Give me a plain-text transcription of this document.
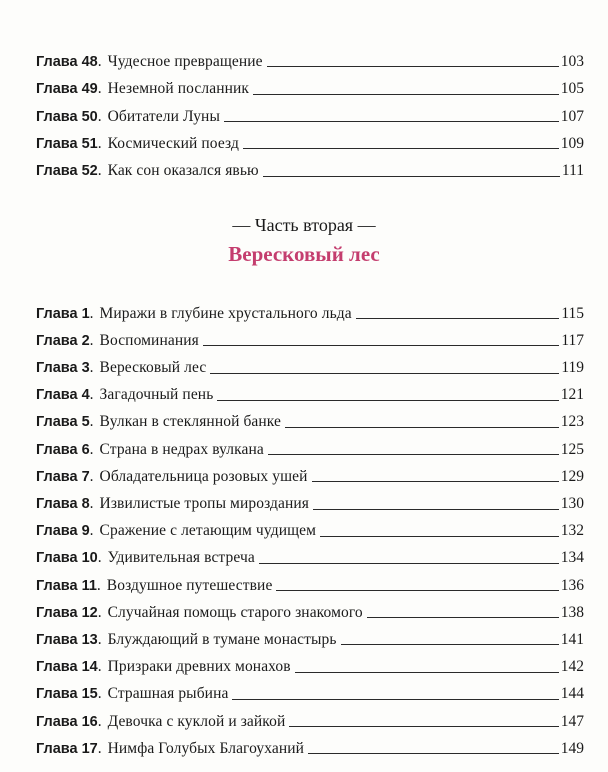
Глава 48 . Чудесное превращение	103
Глава 49 . Неземной посланник	105
Глава 50 . Обитатели Луны	107
Глава 51 . Космический поезд	109
Глава 52 . Как сон оказался явью	111
— Часть вторая —
Вересковый лес
Глава 1 . Миражи в глубине хрустального льда	115
Глава 2 . Воспоминания	117
Глава 3 . Вересковый лес	119
Глава 4 . Загадочный пень	121
Глава 5 . Вулкан в стеклянной банке	123
Глава 6 . Страна в недрах вулкана	125
Глава 7 . Обладательница розовых ушей	129
Глава 8 . Извилистые тропы мироздания	130
Глава 9 . Сражение с летающим чудищем	132
Глава 10 . Удивительная встреча	134
Глава 11 . Воздушное путешествие	136
Глава 12 . Случайная помощь старого знакомого	138
Глава 13 . Блуждающий в тумане монастырь	141
Глава 14 . Призраки древних монахов	142
Глава 15 . Страшная рыбина	144
Глава 16 . Девочка с куклой и зайкой	147
Глава 17 . Нимфа Голубых Благоуханий	149
